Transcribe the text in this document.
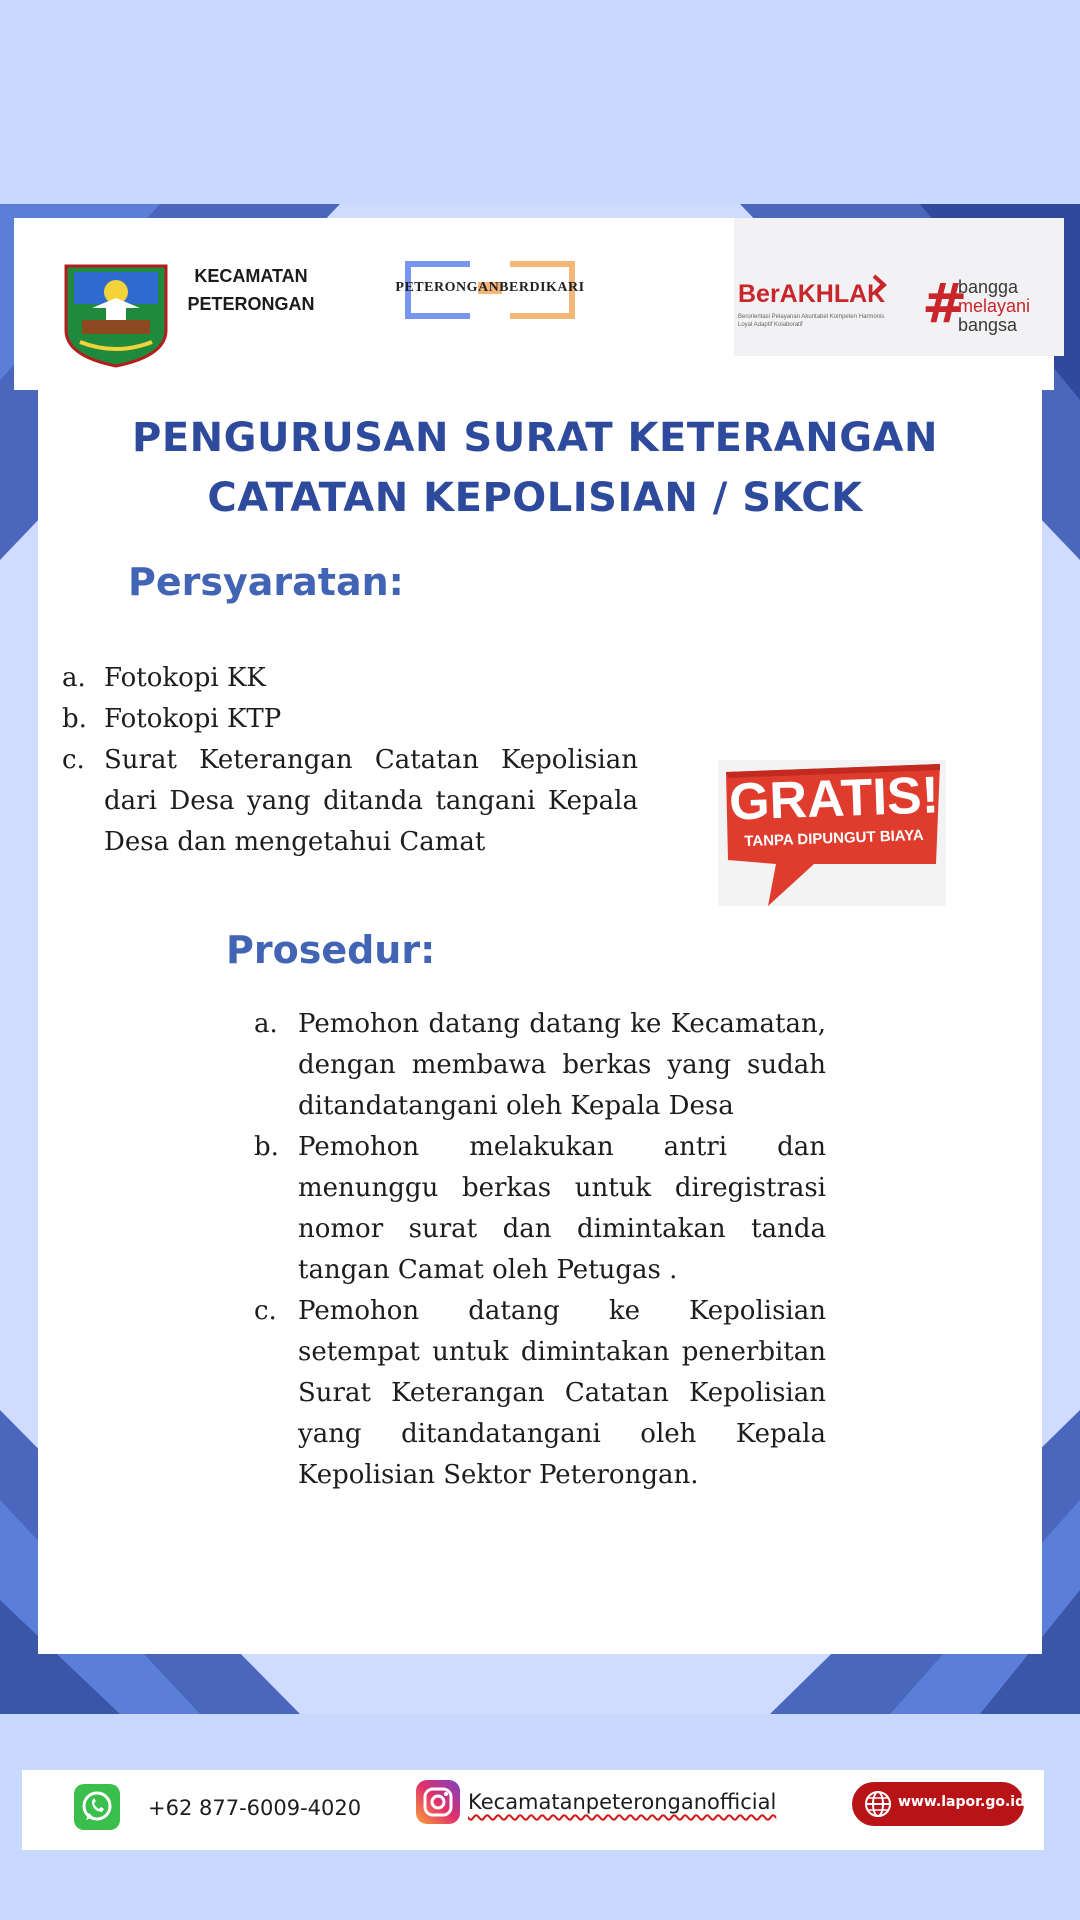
KECAMATAN
PETERONGAN
PETERONGANBERDIKARI	BerAKHLAK
Berorientasi Pelayanan Akuntabel Kompeten Harmonis Loyal Adaptif Kolaboratif	#
bangga
melayani
bangsa
PENGURUSAN SURAT KETERANGAN
CATATAN KEPOLISIAN / SKCK
Persyaratan:
a. Fotokopi KK
b. Fotokopi KTP
c. Surat Keterangan Catatan Kepolisian dari Desa yang ditanda tangani Kepala Desa dan mengetahui Camat
GRATIS!
TANPA DIPUNGUT BIAYA
Prosedur:
a. Pemohon datang datang ke Kecamatan, dengan membawa berkas yang sudah ditandatangani oleh Kepala Desa
b. Pemohon melakukan antri dan menunggu berkas untuk diregistrasi nomor surat dan dimintakan tanda tangan Camat oleh Petugas .
c. Pemohon datang ke Kepolisian setempat untuk dimintakan penerbitan Surat Keterangan Catatan Kepolisian yang ditandatangani oleh Kepala Kepolisian Sektor Peterongan.
+62 877-6009-4020	Kecamatanpeteronganofficial	www.lapor.go.id
